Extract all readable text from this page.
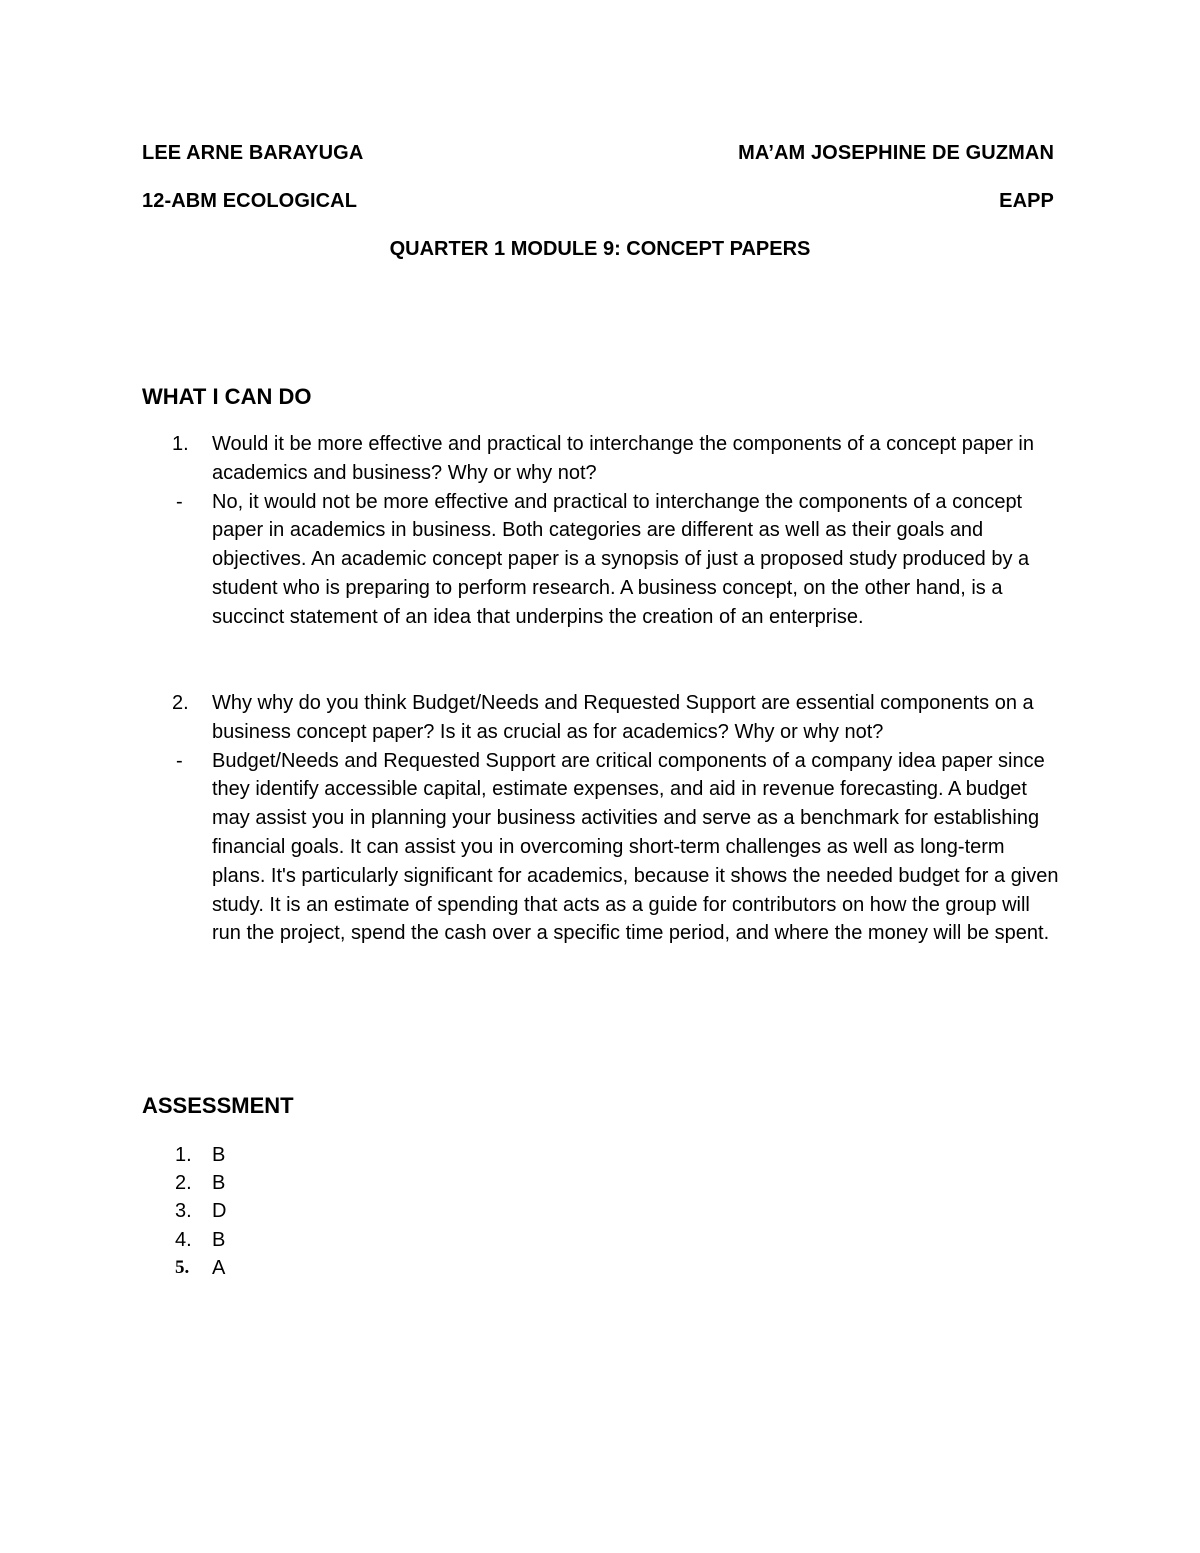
LEE ARNE BARAYUGA	MA’AM JOSEPHINE DE GUZMAN
12-ABM ECOLOGICAL	EAPP
QUARTER 1 MODULE 9: CONCEPT PAPERS
WHAT I CAN DO
1.	Would it be more effective and practical to interchange the components of a concept paper in academics and business? Why or why not?
-	No, it would not be more effective and practical to interchange the components of a concept paper in academics in business. Both categories are different as well as their goals and objectives. An academic concept paper is a synopsis of just a proposed study produced by a student who is preparing to perform research. A business concept, on the other hand, is a succinct statement of an idea that underpins the creation of an enterprise.
2.	Why why do you think Budget/Needs and Requested Support are essential components on a business concept paper? Is it as crucial as for academics? Why or why not?
-	Budget/Needs and Requested Support are critical components of a company idea paper since they identify accessible capital, estimate expenses, and aid in revenue forecasting. A budget may assist you in planning your business activities and serve as a benchmark for establishing financial goals. It can assist you in overcoming short-term challenges as well as long-term plans. It's particularly significant for academics, because it shows the needed budget for a given study. It is an estimate of spending that acts as a guide for contributors on how the group will run the project, spend the cash over a specific time period, and where the money will be spent.
ASSESSMENT
1.	B
2.	B
3.	D
4.	B
5.	A
